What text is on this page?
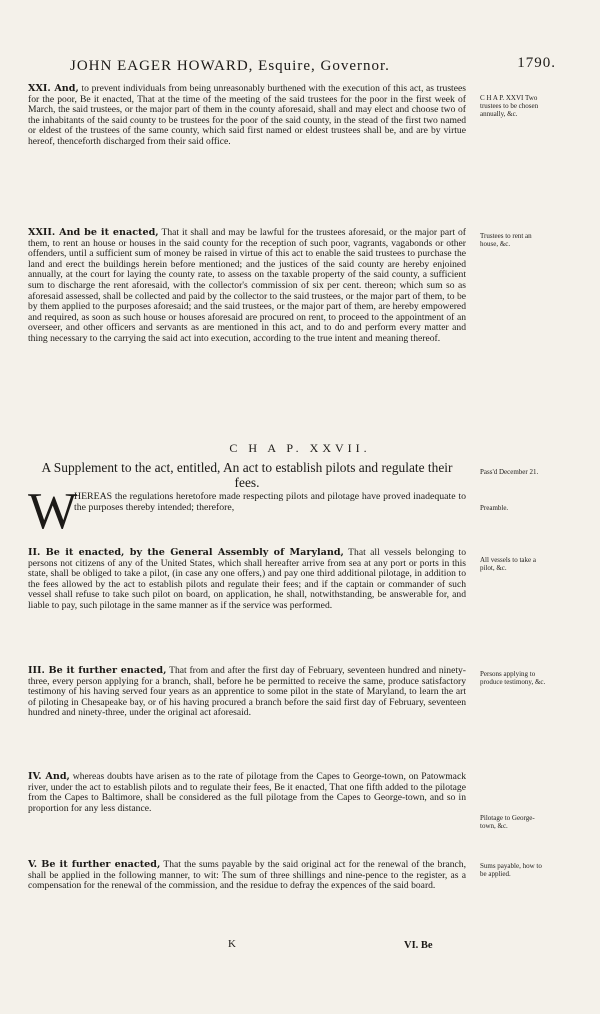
JOHN EAGER HOWARD, Esquire, Governor.	1790.
XXI. And, to prevent individuals from being unreasonably burthened with the execution of this act, as trustees for the poor, Be it enacted, That at the time of the meeting of the said trustees for the poor in the first week of March, the said trustees, or the major part of them in the county aforesaid, shall and may elect and choose two of the inhabitants of the said county to be trustees for the poor of the said county, in the stead of the first two named or eldest of the trustees of the same county, which said first named or eldest trustees shall be, and are by virtue hereof, thenceforth discharged from their said office.
C H A P. XXVI Two trustees to be chosen annually, &c.
XXII. And be it enacted, That it shall and may be lawful for the trustees aforesaid, or the major part of them, to rent an house or houses in the said county for the reception of such poor, vagrants, vagabonds or other offenders, until a sufficient sum of money be raised in virtue of this act to enable the said trustees to purchase the land and erect the buildings herein before mentioned; and the justices of the said county are hereby enjoined annually, at the court for laying the county rate, to assess on the taxable property of the said county, a sufficient sum to discharge the rent aforesaid, with the collector's commission of six per cent. thereon; which sum so as aforesaid assessed, shall be collected and paid by the collector to the said trustees, or the major part of them, to be by them applied to the purposes aforesaid; and the said trustees, or the major part of them, are hereby empowered and required, as soon as such house or houses aforesaid are procured on rent, to proceed to the appointment of an overseer, and other officers and servants as are mentioned in this act, and to do and perform every matter and thing necessary to the carrying the said act into execution, according to the true intent and meaning thereof.
Trustees to rent an house, &c.
C H A P. XXVII.
A Supplement to the act, entitled, An act to establish pilots and regulate their fees.
Pass'd December 21.
W
HEREAS the regulations heretofore made respecting pilots and pilotage have proved inadequate to the purposes thereby intended; therefore,	Preamble.
II. Be it enacted, by the General Assembly of Maryland, That all vessels belonging to persons not citizens of any of the United States, which shall hereafter arrive from sea at any port or ports in this state, shall be obliged to take a pilot, (in case any one offers,) and pay one third additional pilotage, in addition to the fees allowed by the act to establish pilots and regulate their fees; and if the captain or commander of such vessel shall refuse to take such pilot on board, on application, he shall, notwithstanding, be answerable for, and liable to pay, such pilotage in the same manner as if the service was performed.
All vessels to take a pilot, &c.
III. Be it further enacted, That from and after the first day of February, seventeen hundred and ninety-three, every person applying for a branch, shall, before he be permitted to receive the same, produce satisfactory testimony of his having served four years as an apprentice to some pilot in the state of Maryland, to learn the art of piloting in Chesapeake bay, or of his having procured a branch before the said first day of February, seventeen hundred and ninety-three, under the original act aforesaid.
Persons applying to produce testimony, &c.
IV. And, whereas doubts have arisen as to the rate of pilotage from the Capes to George-town, on Patowmack river, under the act to establish pilots and to regulate their fees, Be it enacted, That one fifth added to the pilotage from the Capes to Baltimore, shall be considered as the full pilotage from the Capes to George-town, and so in proportion for any less distance.
Pilotage to George-town, &c.
V. Be it further enacted, That the sums payable by the said original act for the renewal of the branch, shall be applied in the following manner, to wit: The sum of three shillings and nine-pence to the register, as a compensation for the renewal of the commission, and the residue to defray the expences of the said board.
Sums payable, how to be applied.
K	VI. Be
